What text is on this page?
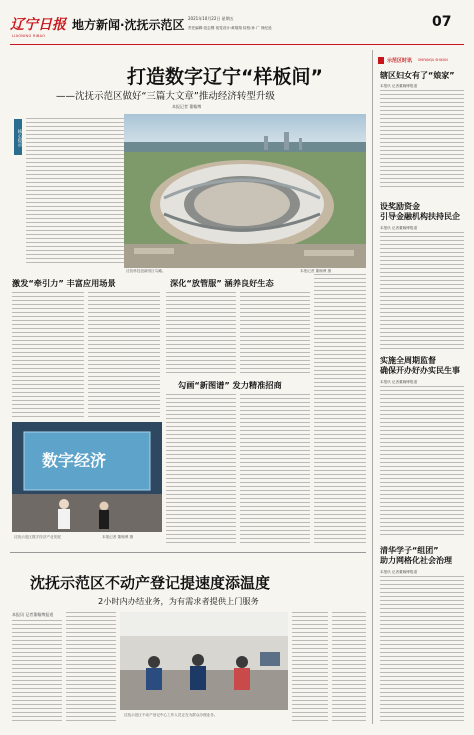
辽宁日报
LIAONING RIBAO
地方新闻·沈抚示范区 2021年10月22日 星期五
责任编辑:范志钢 视觉设计:黄翔翔 检校:孙 广 徐纪延	07
打造数字辽宁“样板间”
——沈抚示范区做好“三篇大文章”推动经济转型升级
本报记者 董翰博
核心提示
沈抚科技创新园区鸟瞰。	本报记者 董翰博 摄
激发“牵引力” 丰富应用场景	深化“放管服” 涵养良好生态
勾画“新图谱” 发力精准招商
数字经济
沈抚示范区数字经济产业发展	本报记者 董翰博 摄
沈抚示范区不动产登记提速度添温度
2小时内办结业务，为有需求者提供上门服务
本报讯 记者董翰博报道
沈抚示范区不动产登记中心工作人员正在为群众办理业务。
示范区时讯 SHIFANQU SHIXUN
辖区妇女有了“娘家”
本报讯 记者董翰博报道
设奖励资金
引导金融机构扶持民企
本报讯 记者董翰博报道
实施全周期监督
确保开办好办实民生事
本报讯 记者董翰博报道
清华学子“组团”
助力网格化社会治理
本报讯 记者董翰博报道
